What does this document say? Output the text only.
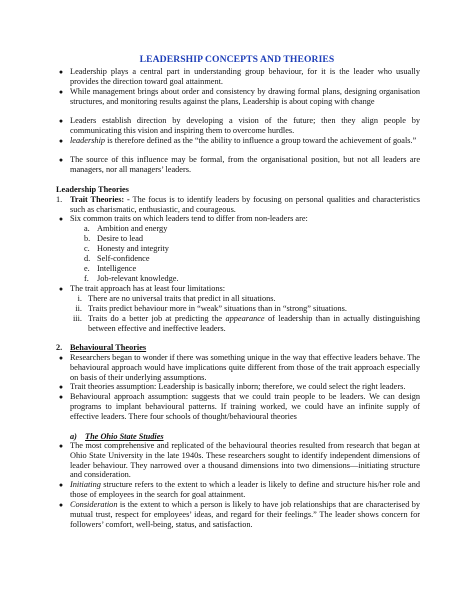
LEADERSHIP CONCEPTS AND THEORIES
● Leadership plays a central part in understanding group behaviour, for it is the leader who usually provides the direction toward goal attainment.
● While management brings about order and consistency by drawing formal plans, designing organisation structures, and monitoring results against the plans, Leadership is about coping with change
● Leaders establish direction by developing a vision of the future; then they align people by communicating this vision and inspiring them to overcome hurdles.
● leadership is therefore defined as the “the ability to influence a group toward the achievement of goals.”
● The source of this influence may be formal, from the organisational position, but not all leaders are managers, nor all managers’ leaders.
Leadership Theories
1. Trait Theories: - The focus is to identify leaders by focusing on personal qualities and characteristics such as charismatic, enthusiastic, and courageous.
● Six common traits on which leaders tend to differ from non-leaders are:
a. Ambition and energy
b. Desire to lead
c. Honesty and integrity
d. Self-confidence
e. Intelligence
f. Job-relevant knowledge.
● The trait approach has at least four limitations:
i. There are no universal traits that predict in all situations.
ii. Traits predict behaviour more in “weak” situations than in “strong” situations.
iii. Traits do a better job at predicting the appearance of leadership than in actually distinguishing between effective and ineffective leaders.
2. Behavioural Theories
● Researchers began to wonder if there was something unique in the way that effective leaders behave. The behavioural approach would have implications quite different from those of the trait approach especially on basis of their underlying assumptions.
● Trait theories assumption: Leadership is basically inborn; therefore, we could select the right leaders.
● Behavioural approach assumption: suggests that we could train people to be leaders. We can design programs to implant behavioural patterns. If training worked, we could have an infinite supply of effective leaders. There four schools of thought/behavioural theories
a) The Ohio State Studies
● The most comprehensive and replicated of the behavioural theories resulted from research that began at Ohio State University in the late 1940s. These researchers sought to identify independent dimensions of leader behaviour. They narrowed over a thousand dimensions into two dimensions—initiating structure and consideration.
● Initiating structure refers to the extent to which a leader is likely to define and structure his/her role and those of employees in the search for goal attainment.
● Consideration is the extent to which a person is likely to have job relationships that are characterised by mutual trust, respect for employees’ ideas, and regard for their feelings.” The leader shows concern for followers’ comfort, well-being, status, and satisfaction.
